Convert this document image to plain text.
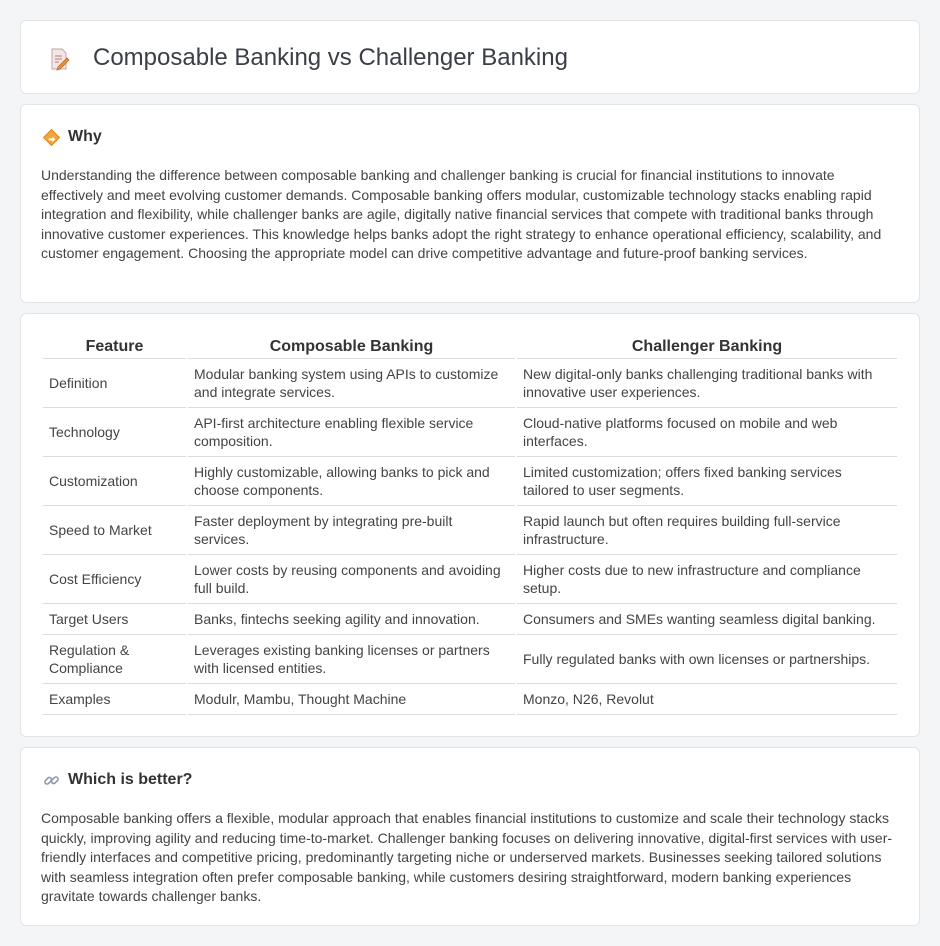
Composable Banking vs Challenger Banking
Why

Understanding the difference between composable banking and challenger banking is crucial for financial institutions to innovate effectively and meet evolving customer demands. Composable banking offers modular, customizable technology stacks enabling rapid integration and flexibility, while challenger banks are agile, digitally native financial services that compete with traditional banks through innovative customer experiences. This knowledge helps banks adopt the right strategy to enhance operational efficiency, scalability, and customer engagement. Choosing the appropriate model can drive competitive advantage and future-proof banking services.

Feature	Composable Banking	Challenger Banking
Definition	Modular banking system using APIs to customize and integrate services.	New digital-only banks challenging traditional banks with innovative user experiences.
Technology	API-first architecture enabling flexible service composition.	Cloud-native platforms focused on mobile and web interfaces.
Customization	Highly customizable, allowing banks to pick and choose components.	Limited customization; offers fixed banking services tailored to user segments.
Speed to Market	Faster deployment by integrating pre-built services.	Rapid launch but often requires building full-service infrastructure.
Cost Efficiency	Lower costs by reusing components and avoiding full build.	Higher costs due to new infrastructure and compliance setup.
Target Users	Banks, fintechs seeking agility and innovation.	Consumers and SMEs wanting seamless digital banking.
Regulation & Compliance	Leverages existing banking licenses or partners with licensed entities.	Fully regulated banks with own licenses or partnerships.
Examples	Modulr, Mambu, Thought Machine	Monzo, N26, Revolut
Which is better?

Composable banking offers a flexible, modular approach that enables financial institutions to customize and scale their technology stacks quickly, improving agility and reducing time-to-market. Challenger banking focuses on delivering innovative, digital-first services with user-friendly interfaces and competitive pricing, predominantly targeting niche or underserved markets. Businesses seeking tailored solutions with seamless integration often prefer composable banking, while customers desiring straightforward, modern banking experiences gravitate towards challenger banks.
